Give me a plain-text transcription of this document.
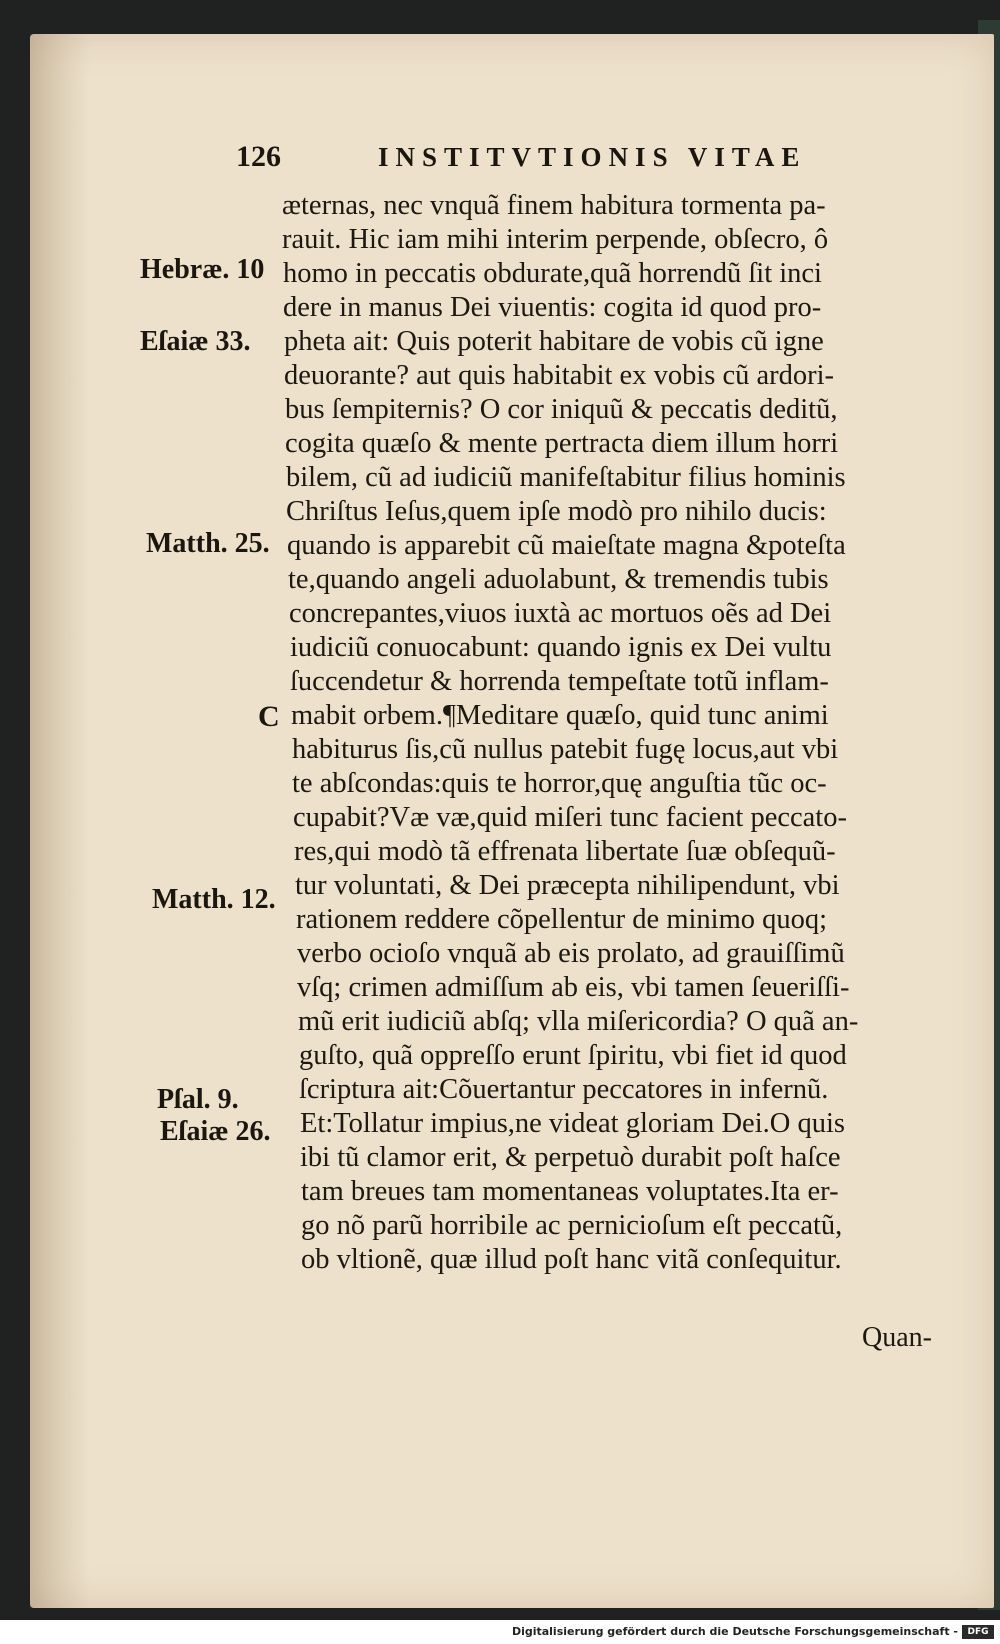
126	INSTITVTIONIS VITAE
æternas, nec vnquã finem habitura tormenta pa-
rauit. Hic iam mihi interim perpende, obſecro, ô
homo in peccatis obdurate,quã horrendũ ſit inci
dere in manus Dei viuentis: cogita id quod pro-
pheta ait: Quis poterit habitare de vobis cũ igne
deuorante? aut quis habitabit ex vobis cũ ardori-
bus ſempiternis? O cor iniquũ & peccatis deditũ,
cogita quæſo & mente pertracta diem illum horri
bilem, cũ ad iudiciũ manifeſtabitur filius hominis
Chriſtus Ieſus,quem ipſe modò pro nihilo ducis:
quando is apparebit cũ maieſtate magna &poteſta
te,quando angeli aduolabunt, & tremendis tubis
concrepantes,viuos iuxtà ac mortuos oẽs ad Dei
iudiciũ conuocabunt: quando ignis ex Dei vultu
ſuccendetur & horrenda tempeſtate totũ inflam-
mabit orbem.¶Meditare quæſo, quid tunc animi
habiturus ſis,cũ nullus patebit fugę locus,aut vbi
te abſcondas:quis te horror,quę anguſtia tũc oc-
cupabit?Væ væ,quid miſeri tunc facient peccato-
res,qui modò tã effrenata libertate ſuæ obſequũ-
tur voluntati, & Dei præcepta nihilipendunt, vbi
rationem reddere cõpellentur de minimo quoq;
verbo ocioſo vnquã ab eis prolato, ad grauiſſimũ
vſq; crimen admiſſum ab eis, vbi tamen ſeueriſſi-
mũ erit iudiciũ abſq; vlla miſericordia? O quã an-
guſto, quã oppreſſo erunt ſpiritu, vbi fiet id quod
ſcriptura ait:Cõuertantur peccatores in infernũ.
Et:Tollatur impius,ne videat gloriam Dei.O quis
ibi tũ clamor erit, & perpetuò durabit poſt haſce
tam breues tam momentaneas voluptates.Ita er-
go nõ parũ horribile ac pernicioſum eſt peccatũ,
ob vltionẽ, quæ illud poſt hanc vitã conſequitur.
Hebræ. 10
Eſaiæ 33.
Matth. 25.
C
Matth. 12.
Pſal. 9.
Eſaiæ 26.
Quan-
Digitalisierung gefördert durch die Deutsche Forschungsgemeinschaft -	DFG
